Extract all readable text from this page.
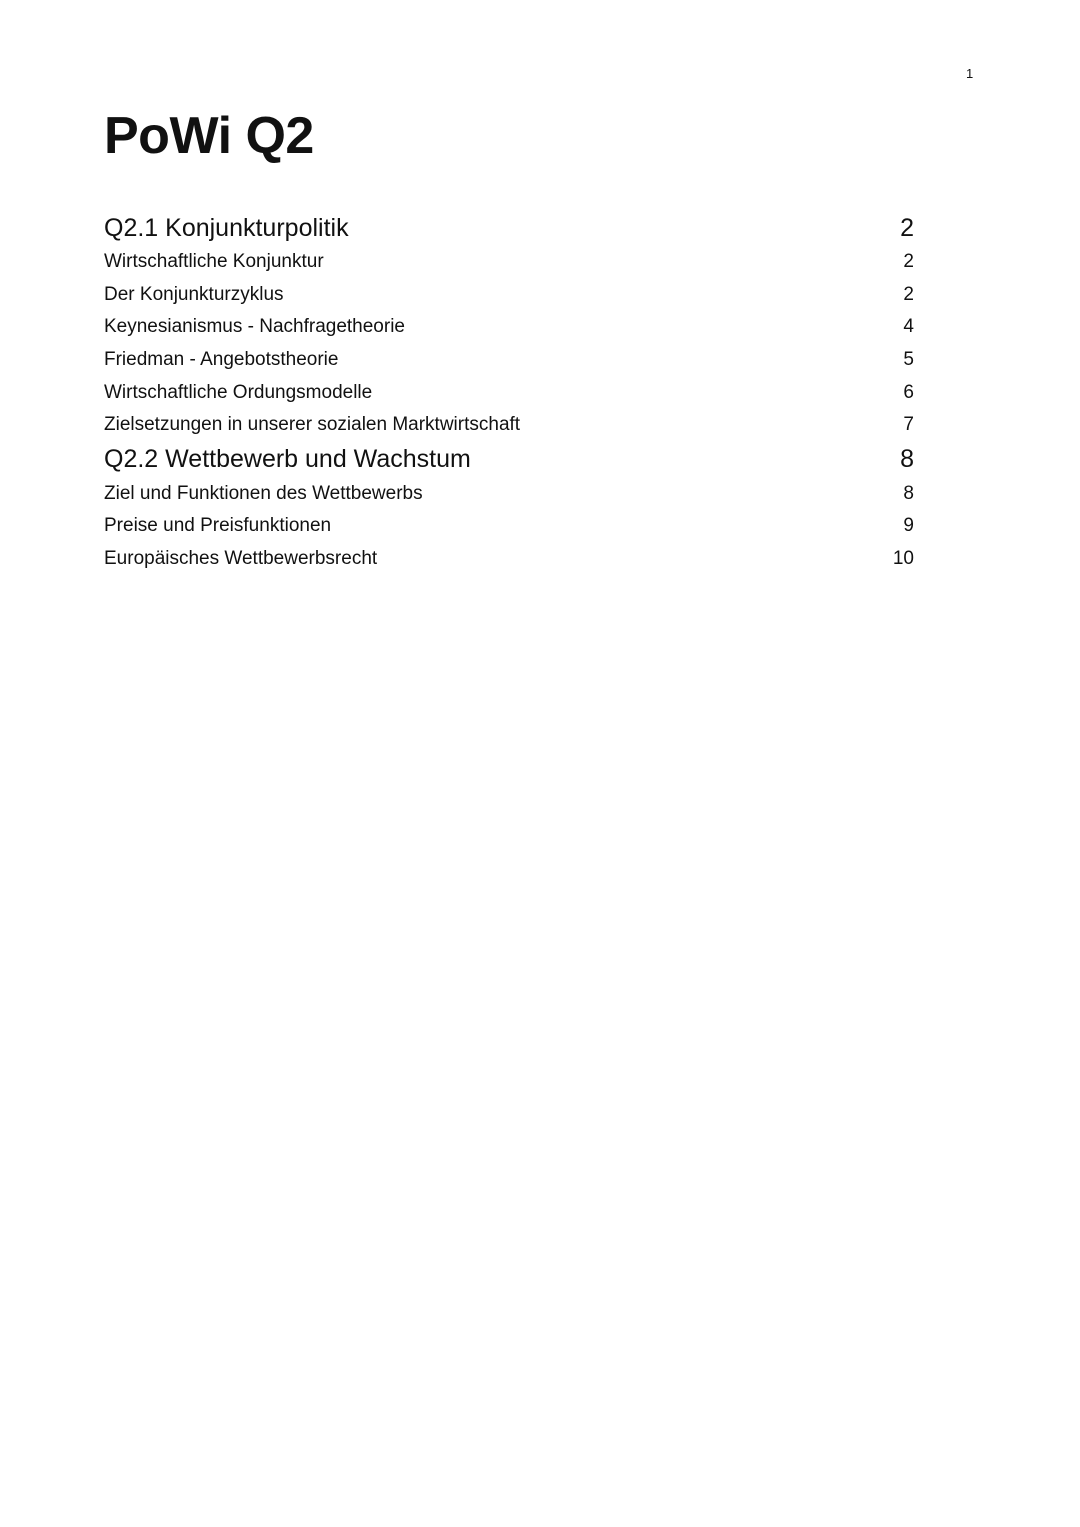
1
PoWi Q2
Q2.1 Konjunkturpolitik	2
Wirtschaftliche Konjunktur	2
Der Konjunkturzyklus	2
Keynesianismus - Nachfragetheorie	4
Friedman - Angebotstheorie	5
Wirtschaftliche Ordungsmodelle	6
Zielsetzungen in unserer sozialen Marktwirtschaft	7
Q2.2 Wettbewerb und Wachstum	8
Ziel und Funktionen des Wettbewerbs	8
Preise und Preisfunktionen	9
Europäisches Wettbewerbsrecht	10
